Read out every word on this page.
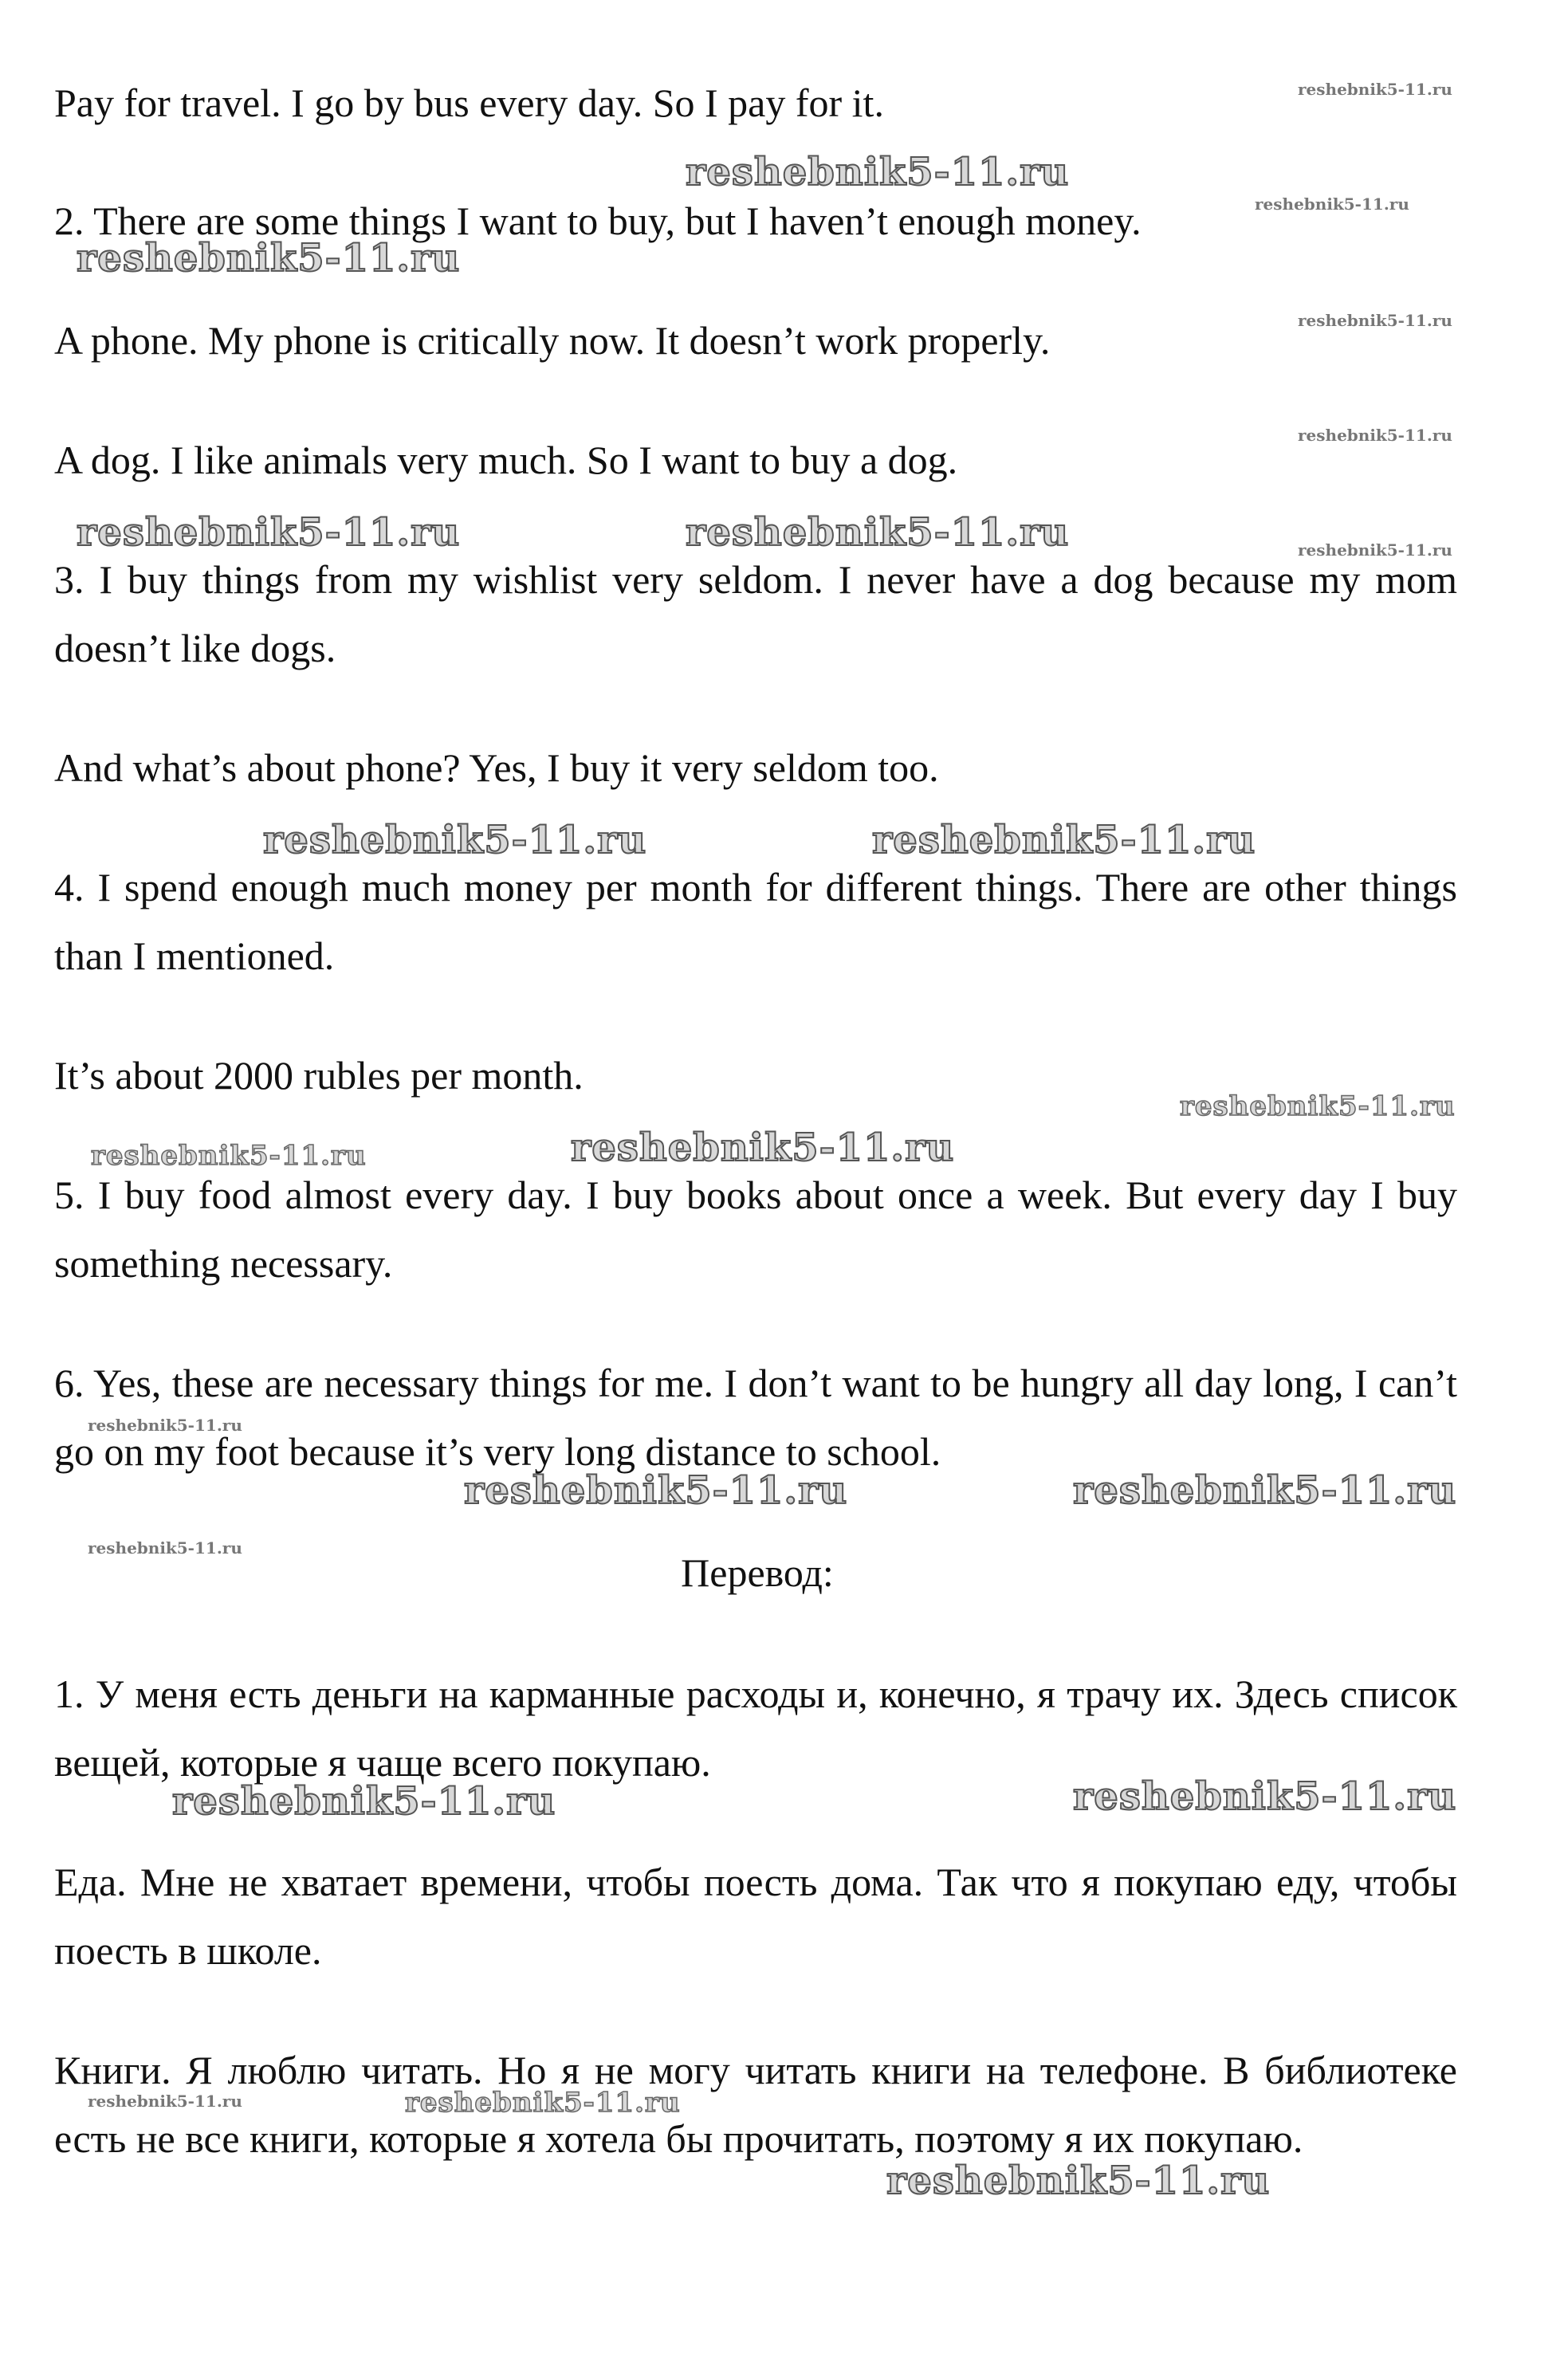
Pay for travel. I go by bus every day. So I pay for it.

2. There are some things I want to buy, but I haven’t enough money.

A phone. My phone is critically now. It doesn’t work properly.

A dog. I like animals very much. So I want to buy a dog.

3. I buy things from my wishlist very seldom. I never have a dog because my mom doesn’t like dogs.

And what’s about phone? Yes, I buy it very seldom too.

4. I spend enough much money per month for different things. There are other things than I mentioned.

It’s about 2000 rubles per month.

5. I buy food almost every day. I buy books about once a week. But every day I buy something necessary.

6. Yes, these are necessary things for me. I don’t want to be hungry all day long, I can’t go on my foot because it’s very long distance to school.

Перевод:

1. У меня есть деньги на карманные расходы и, конечно, я трачу их. Здесь список вещей, которые я чаще всего покупаю.

Еда. Мне не хватает времени, чтобы поесть дома. Так что я покупаю еду, чтобы поесть в школе.

Книги. Я люблю читать. Но я не могу читать книги на телефоне. В библиотеке есть не все книги, которые я хотела бы прочитать, поэтому я их покупаю.

reshebnik5-11.ru
reshebnik5-11.ru
reshebnik5-11.ru
reshebnik5-11.ru
reshebnik5-11.ru
reshebnik5-11.ru
reshebnik5-11.ru	reshebnik5-11.ru	reshebnik5-11.ru
reshebnik5-11.ru	reshebnik5-11.ru
reshebnik5-11.ru
reshebnik5-11.ru	reshebnik5-11.ru
reshebnik5-11.ru
reshebnik5-11.ru	reshebnik5-11.ru
reshebnik5-11.ru
reshebnik5-11.ru	reshebnik5-11.ru
reshebnik5-11.ru	reshebnik5-11.ru
reshebnik5-11.ru
